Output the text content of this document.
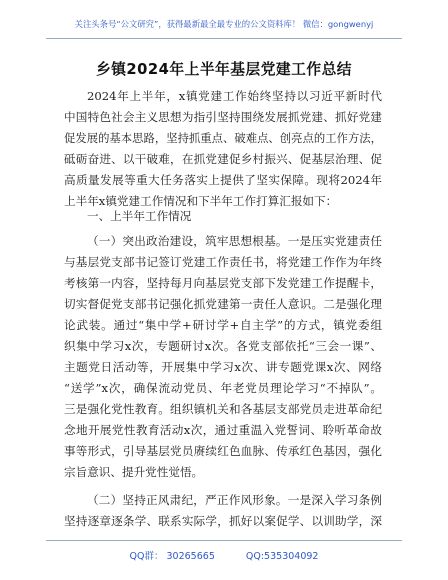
关注头条号“公文研究”，获得最新最全最专业的公文资料库！ 微信：gongwenyj
乡镇2024年上半年基层党建工作总结
2024年上半年，x镇党建工作始终坚持以习近平新时代
中国特色社会主义思想为指引坚持围绕发展抓党建、抓好党建
促发展的基本思路，坚持抓重点、破难点、创亮点的工作方法，
砥砺奋进、以干破难，在抓党建促乡村振兴、促基层治理、促
高质量发展等重大任务落实上提供了坚实保障。现将2024年
上半年x镇党建工作情况和下半年工作打算汇报如下：
一、上半年工作情况
（一）突出政治建设，筑牢思想根基。一是压实党建责任
与基层党支部书记签订党建工作责任书，将党建工作作为年终
考核第一内容，坚持每月向基层党支部下发党建工作提醒卡，
切实督促党支部书记强化抓党建第一责任人意识。二是强化理
论武装。通过“集中学+研讨学+自主学”的方式，镇党委组
织集中学习x次，专题研讨x次。各党支部依托“三会一课”、
主题党日活动等，开展集中学习x次、讲专题党课x次、网络
“送学”x次，确保流动党员、年老党员理论学习“不掉队”。
三是强化党性教育。组织镇机关和各基层支部党员走进革命纪
念地开展党性教育活动x次，通过重温入党誓词、聆听革命故
事等形式，引导基层党员赓续红色血脉、传承红色基因，强化
宗旨意识、提升党性觉悟。
（二）坚持正风肃纪，严正作风形象。一是深入学习条例
坚持逐章逐条学、联系实际学，抓好以案促学、以训助学，深
QQ群： 30265665	QQ:535304092
